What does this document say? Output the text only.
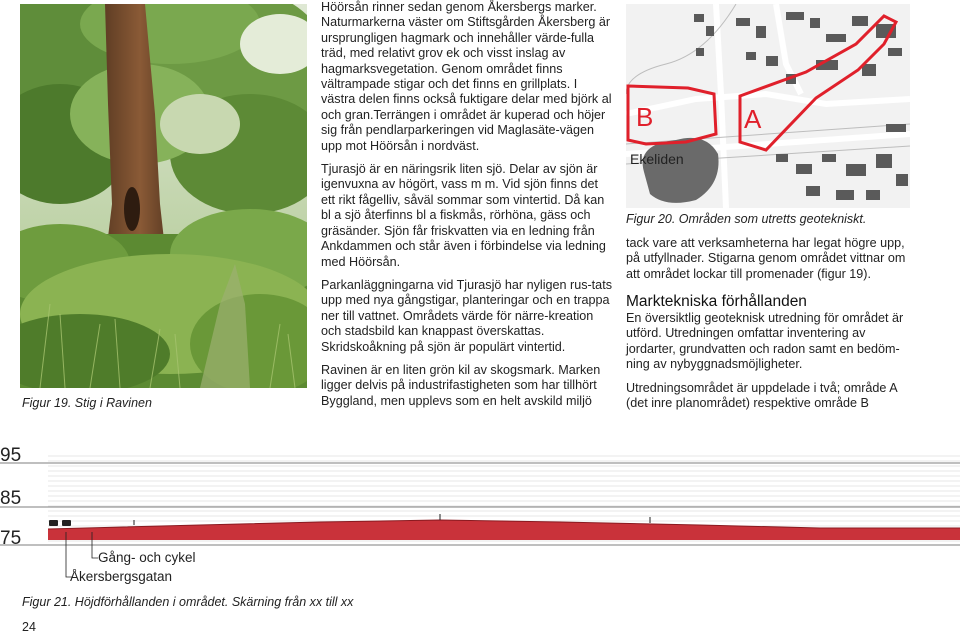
Figur 19. Stig i Ravinen

Höörsån rinner sedan genom Åkersbergs marker. Naturmarkerna väster om Stiftsgården Åkersberg är ursprungligen hagmark och innehåller värde-fulla träd, med relativt grov ek och visst inslag av hagmarksvegetation. Genom området finns vältrampade stigar och det finns en grillplats. I västra delen finns också fuktigare delar med björk al och gran.Terrängen i området är kuperad och höjer sig från pendlarparkeringen vid Maglasäte-vägen upp mot Höörsån i nordväst.

Tjurasjö är en näringsrik liten sjö. Delar av sjön är igenvuxna av högört, vass m m. Vid sjön finns det ett rikt fågelliv, såväl sommar som vintertid. Då kan bl a sjö återfinns bl a fiskmås, rörhöna, gäss och gräsänder. Sjön får friskvatten via en ledning från Ankdammen och står även i förbindelse via ledning med Höörsån.

Parkanläggningarna vid Tjurasjö har nyligen rus-tats upp med nya gångstigar, planteringar och en trappa ner till vattnet. Områdets värde för närre-kreation och stadsbild kan knappast överskattas. Skridskoåkning på sjön är populärt vintertid.

Ravinen är en liten grön kil av skogsmark. Marken ligger delvis på industrifastigheten som har tillhört Byggland, men upplevs som en helt avskild miljö

B	A
Ekeliden
Figur 20. Områden som utretts geotekniskt.
tack vare att verksamheterna har legat högre upp, på utfyllnader. Stigarna genom området vittnar om att området lockar till promenader (figur 19).
Marktekniska förhållanden
En översiktlig geoteknisk utredning för området är utförd. Utredningen omfattar inventering av jordarter, grundvatten och radon samt en bedöm-ning av nybyggnadsmöjligheter.
Utredningsområdet är uppdelade i två; område A (det inre planområdet) respektive område B
95
85
75
Gång- och cykel
Åkersbergsgatan
Figur 21. Höjdförhållanden i området. Skärning från xx till xx
24
